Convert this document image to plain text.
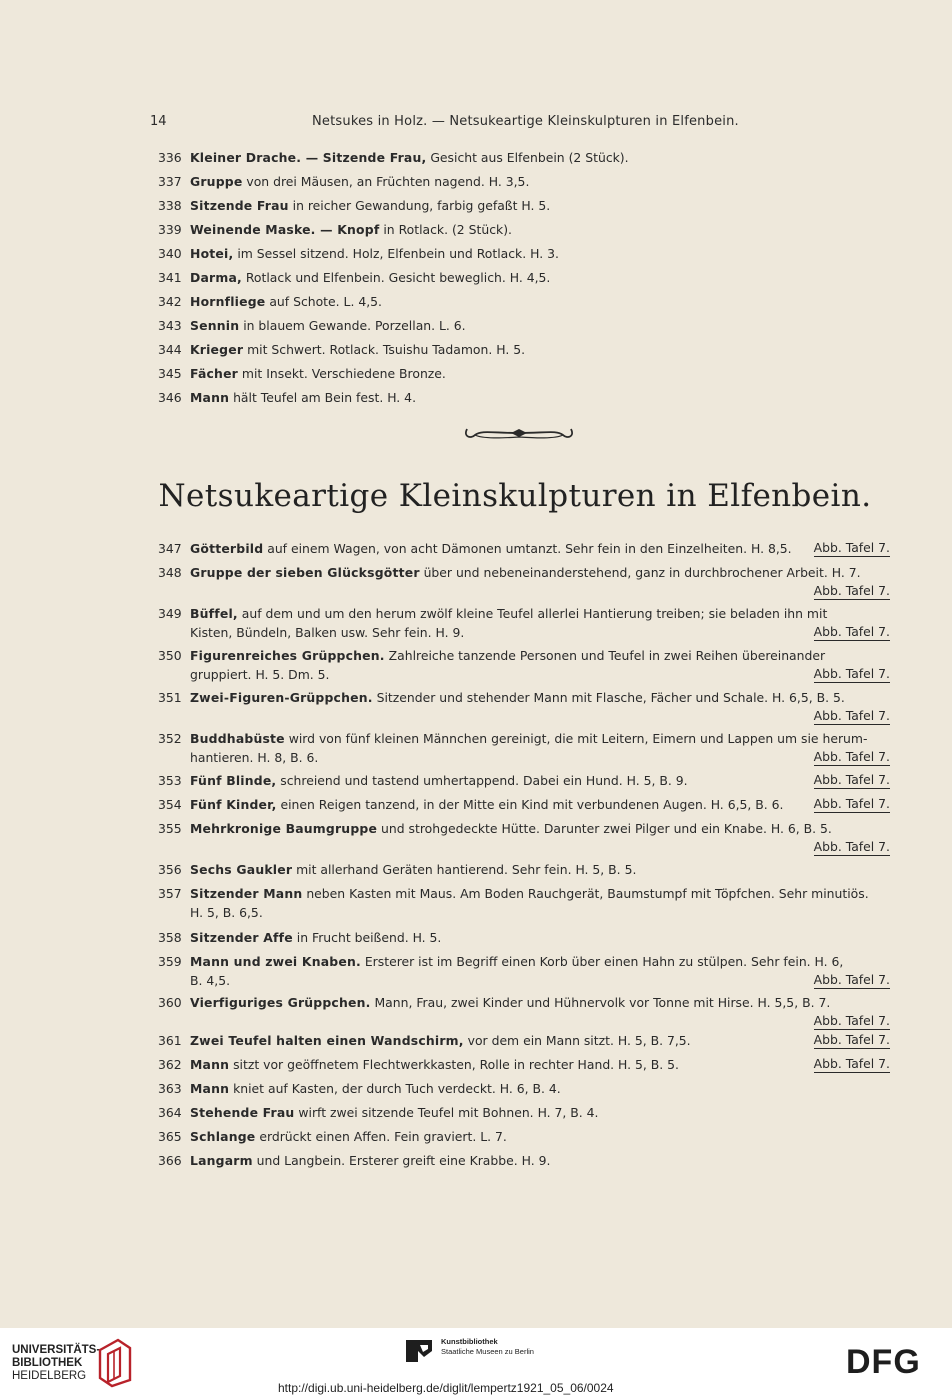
14	Netsukes in Holz. — Netsukeartige Kleinskulpturen in Elfenbein.
336 Kleiner Drache. — Sitzende Frau, Gesicht aus Elfenbein (2 Stück).
337 Gruppe von drei Mäusen, an Früchten nagend. H. 3,5.
338 Sitzende Frau in reicher Gewandung, farbig gefaßt H. 5.
339 Weinende Maske. — Knopf in Rotlack. (2 Stück).
340 Hotei, im Sessel sitzend. Holz, Elfenbein und Rotlack. H. 3.
341 Darma, Rotlack und Elfenbein. Gesicht beweglich. H. 4,5.
342 Hornfliege auf Schote. L. 4,5.
343 Sennin in blauem Gewande. Porzellan. L. 6.
344 Krieger mit Schwert. Rotlack. Tsuishu Tadamon. H. 5.
345 Fächer mit Insekt. Verschiedene Bronze.
346 Mann hält Teufel am Bein fest. H. 4.
Netsukeartige Kleinskulpturen in Elfenbein.
347 Götterbild auf einem Wagen, von acht Dämonen umtanzt. Sehr fein in den Einzelheiten. H. 8,5.	Abb. Tafel 7.
348 Gruppe der sieben Glücksgötter über und nebeneinanderstehend, ganz in durchbrochener Arbeit. H. 7.
Abb. Tafel 7.
349 Büffel, auf dem und um den herum zwölf kleine Teufel allerlei Hantierung treiben; sie beladen ihn mit
Kisten, Bündeln, Balken usw. Sehr fein. H. 9.	Abb. Tafel 7.
350 Figurenreiches Grüppchen. Zahlreiche tanzende Personen und Teufel in zwei Reihen übereinander
gruppiert. H. 5. Dm. 5.	Abb. Tafel 7.
351 Zwei-Figuren-Grüppchen. Sitzender und stehender Mann mit Flasche, Fächer und Schale. H. 6,5, B. 5.
Abb. Tafel 7.
352 Buddhabüste wird von fünf kleinen Männchen gereinigt, die mit Leitern, Eimern und Lappen um sie herum-
hantieren. H. 8, B. 6.	Abb. Tafel 7.
353 Fünf Blinde, schreiend und tastend umhertappend. Dabei ein Hund. H. 5, B. 9.	Abb. Tafel 7.
354 Fünf Kinder, einen Reigen tanzend, in der Mitte ein Kind mit verbundenen Augen. H. 6,5, B. 6.	Abb. Tafel 7.
355 Mehrkronige Baumgruppe und strohgedeckte Hütte. Darunter zwei Pilger und ein Knabe. H. 6, B. 5.
Abb. Tafel 7.
356 Sechs Gaukler mit allerhand Geräten hantierend. Sehr fein. H. 5, B. 5.
357 Sitzender Mann neben Kasten mit Maus. Am Boden Rauchgerät, Baumstumpf mit Töpfchen. Sehr minutiös.
H. 5, B. 6,5.
358 Sitzender Affe in Frucht beißend. H. 5.
359 Mann und zwei Knaben. Ersterer ist im Begriff einen Korb über einen Hahn zu stülpen. Sehr fein. H. 6,
B. 4,5.	Abb. Tafel 7.
360 Vierfiguriges Grüppchen. Mann, Frau, zwei Kinder und Hühnervolk vor Tonne mit Hirse. H. 5,5, B. 7.
Abb. Tafel 7.
361 Zwei Teufel halten einen Wandschirm, vor dem ein Mann sitzt. H. 5, B. 7,5.	Abb. Tafel 7.
362 Mann sitzt vor geöffnetem Flechtwerkkasten, Rolle in rechter Hand. H. 5, B. 5.	Abb. Tafel 7.
363 Mann kniet auf Kasten, der durch Tuch verdeckt. H. 6, B. 4.
364 Stehende Frau wirft zwei sitzende Teufel mit Bohnen. H. 7, B. 4.
365 Schlange erdrückt einen Affen. Fein graviert. L. 7.
366 Langarm und Langbein. Ersterer greift eine Krabbe. H. 9.
UNIVERSITÄTS-
BIBLIOTHEK
HEIDELBERG
Kunstbibliothek
Staatliche Museen zu Berlin	DFG
http://digi.ub.uni-heidelberg.de/diglit/lempertz1921_05_06/0024
